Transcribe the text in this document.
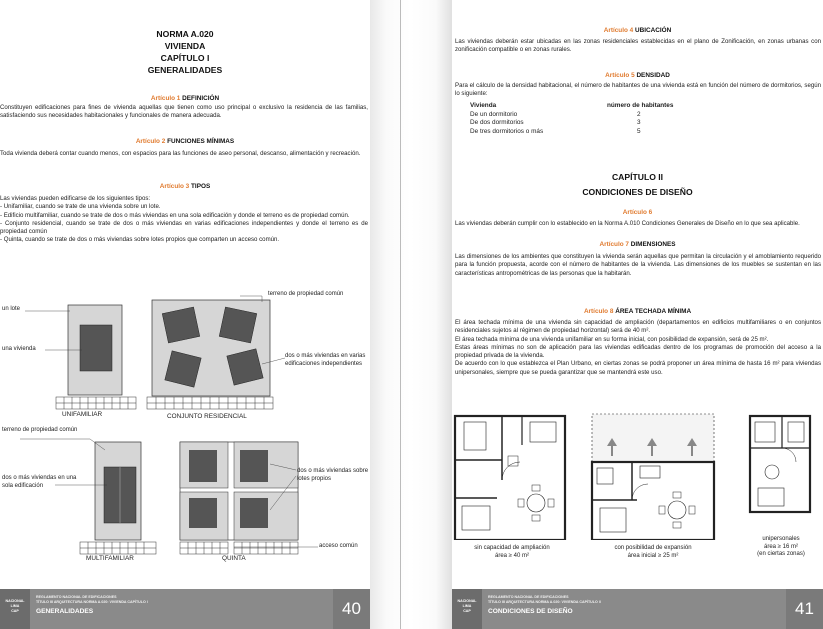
NORMA A.020
VIVIENDA
CAPÍTULO I
GENERALIDADES
Artículo 1 DEFINICIÓN
Constituyen edificaciones para fines de vivienda aquellas que tienen como uso principal o exclusivo la residencia de las familias, satisfaciendo sus necesidades habitacionales y funcionales de manera adecuada.
Artículo 2 FUNCIONES MÍNIMAS
Toda vivienda deberá contar cuando menos, con espacios para las funciones de aseo personal, descanso, alimentación y recreación.
Artículo 3 TIPOS

Las viviendas pueden edificarse de los siguientes tipos:

- Unifamiliar, cuando se trate de una vivienda sobre un lote.

- Edificio multifamiliar, cuando se trate de dos o más viviendas en una sola edificación y donde el terreno es de propiedad común.

- Conjunto residencial, cuando se trate de dos o más viviendas en varias edificaciones independientes y donde el terreno es de propiedad común

- Quinta, cuando se trate de dos o más viviendas sobre lotes propios que comparten un acceso común.

un lote
una vivienda
terreno de propiedad común
dos o más viviendas en varias edificaciones independientes
UNIFAMILIAR	CONJUNTO RESIDENCIAL
terreno de propiedad común
dos o más viviendas en una sola edificación
dos o más viviendas sobre lotes propios
acceso común
MULTIFAMILIAR	QUINTA
NACIONAL
LIMA
CAP
REGLAMENTO NACIONAL DE EDIFICACIONES
TÍTULO III ARQUITECTURA NORMA A.020: VIVIENDA CAPÍTULO I
GENERALIDADES	40
Artículo 4 UBICACIÓN
Las viviendas deberán estar ubicadas en las zonas residenciales establecidas en el plano de Zonificación, en zonas urbanas con zonificación compatible o en zonas rurales.
Artículo 5 DENSIDAD
Para el cálculo de la densidad habitacional, el número de habitantes de una vivienda está en función del número de dormitorios, según lo siguiente:
Vivienda	número de habitantes
De un dormitorio	2
De dos dormitorios	3
De tres dormitorios o más	5
CAPÍTULO II
CONDICIONES DE DISEÑO
Artículo 6
Las viviendas deberán cumplir con lo establecido en la Norma A.010 Condiciones Generales de Diseño en lo que sea aplicable.
Artículo 7 DIMENSIONES
Las dimensiones de los ambientes que constituyen la vivienda serán aquellas que permitan la circulación y el amoblamiento requerido para la función propuesta, acorde con el número de habitantes de la vivienda. Las dimensiones de los muebles se sustentan en las características antropométricas de las personas que la habitarán.
Artículo 8 ÁREA TECHADA MÍNIMA

El área techada mínima de una vivienda sin capacidad de ampliación (departamentos en edificios multifamiliares o en conjuntos residenciales sujetos al régimen de propiedad horizontal) será de 40 m².

El área techada mínima de una vivienda unifamiliar en su forma inicial, con posibilidad de expansión, será de 25 m².

Estas áreas mínimas no son de aplicación para las viviendas edificadas dentro de los programas de promoción del acceso a la propiedad privada de la vivienda.

De acuerdo con lo que establezca el Plan Urbano, en ciertas zonas se podrá proponer un área mínima de hasta 16 m² para viviendas unipersonales, siempre que se pueda garantizar que se mantendrá este uso.

sin capacidad de ampliación
área ≥ 40 m²
con posibilidad de expansión
área inicial ≥ 25 m²
unipersonales
área ≥ 16 m²
(en ciertas zonas)
NACIONAL
LIMA
CAP
REGLAMENTO NACIONAL DE EDIFICACIONES
TÍTULO III ARQUITECTURA NORMA A.020: VIVIENDA CAPÍTULO II
CONDICIONES DE DISEÑO	41
